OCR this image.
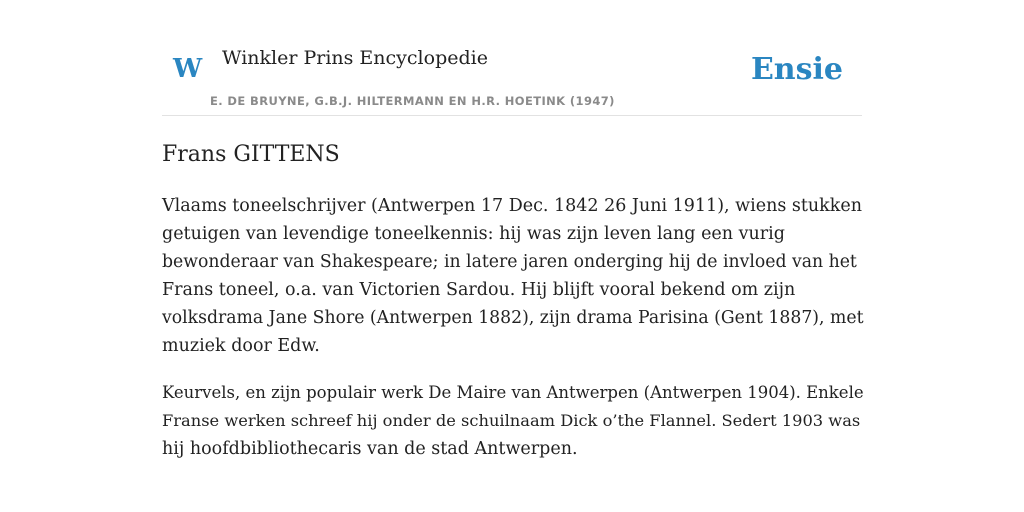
W Winkler Prins Encyclopedie
E. DE BRUYNE, G.B.J. HILTERMANN EN H.R. HOETINK (1947)
Ensie
Frans GITTENS

Vlaams toneelschrijver (Antwerpen 17 Dec. 1842 26 Juni 1911), wiens stukken
getuigen van levendige toneelkennis: hij was zijn leven lang een vurig
bewonderaar van Shakespeare; in latere jaren onderging hij de invloed van het
Frans toneel, o.a. van Victorien Sardou. Hij blijft vooral bekend om zijn
volksdrama Jane Shore (Antwerpen 1882), zijn drama Parisina (Gent 1887), met
muziek door Edw.

Keurvels, en zijn populair werk De Maire van Antwerpen (Antwerpen 1904). Enkele
Franse werken schreef hij onder de schuilnaam Dick o’the Flannel. Sedert 1903 was
hij hoofdbibliothecaris van de stad Antwerpen.
